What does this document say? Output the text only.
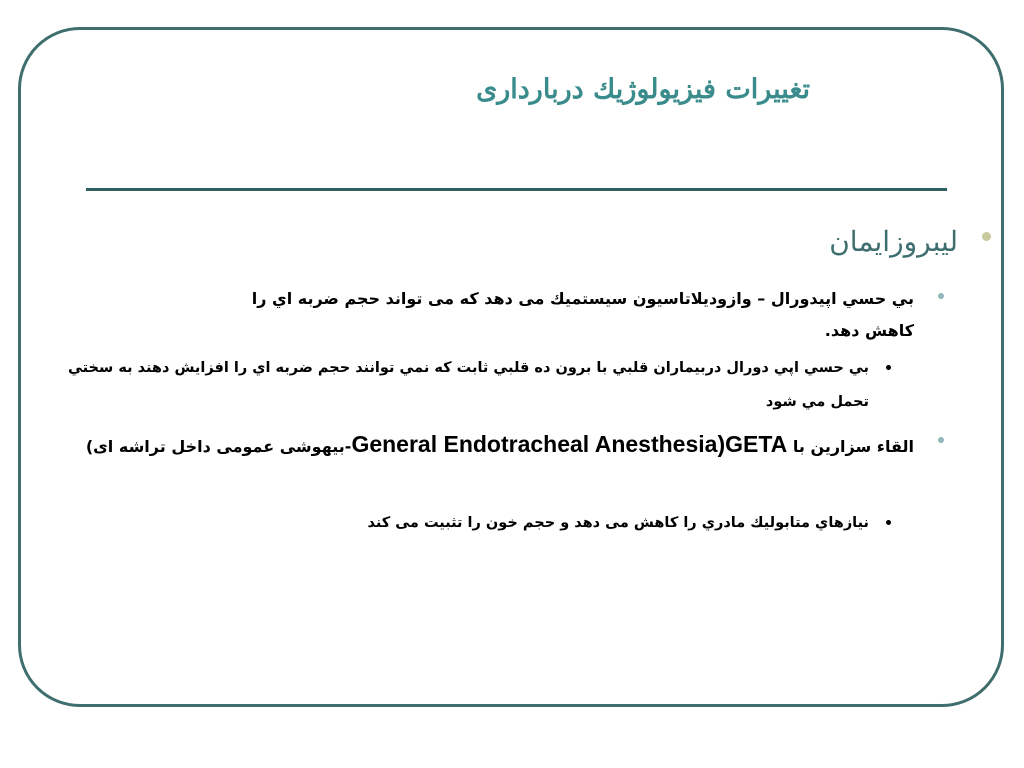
تغييرات فيزيولوژيك درباردارى
ليبروزايمان
بي حسي اپيدورال – وازوديلاتاسيون سيستميك مى دهد كه مى تواند حجم ضربه اي را كاهش دهد.
بي حسي اپي دورال دربيماران قلبي با برون ده قلبي ثابت كه نمي توانند حجم ضربه اي را افزايش دهند به سختي تحمل مي شود
القاء سزارين با General Endotracheal Anesthesia)GETA-بيهوشی عمومی داخل تراشه ای)
نيازهاي متابوليك مادري را كاهش مى دهد و حجم خون را تثبيت مى كند
